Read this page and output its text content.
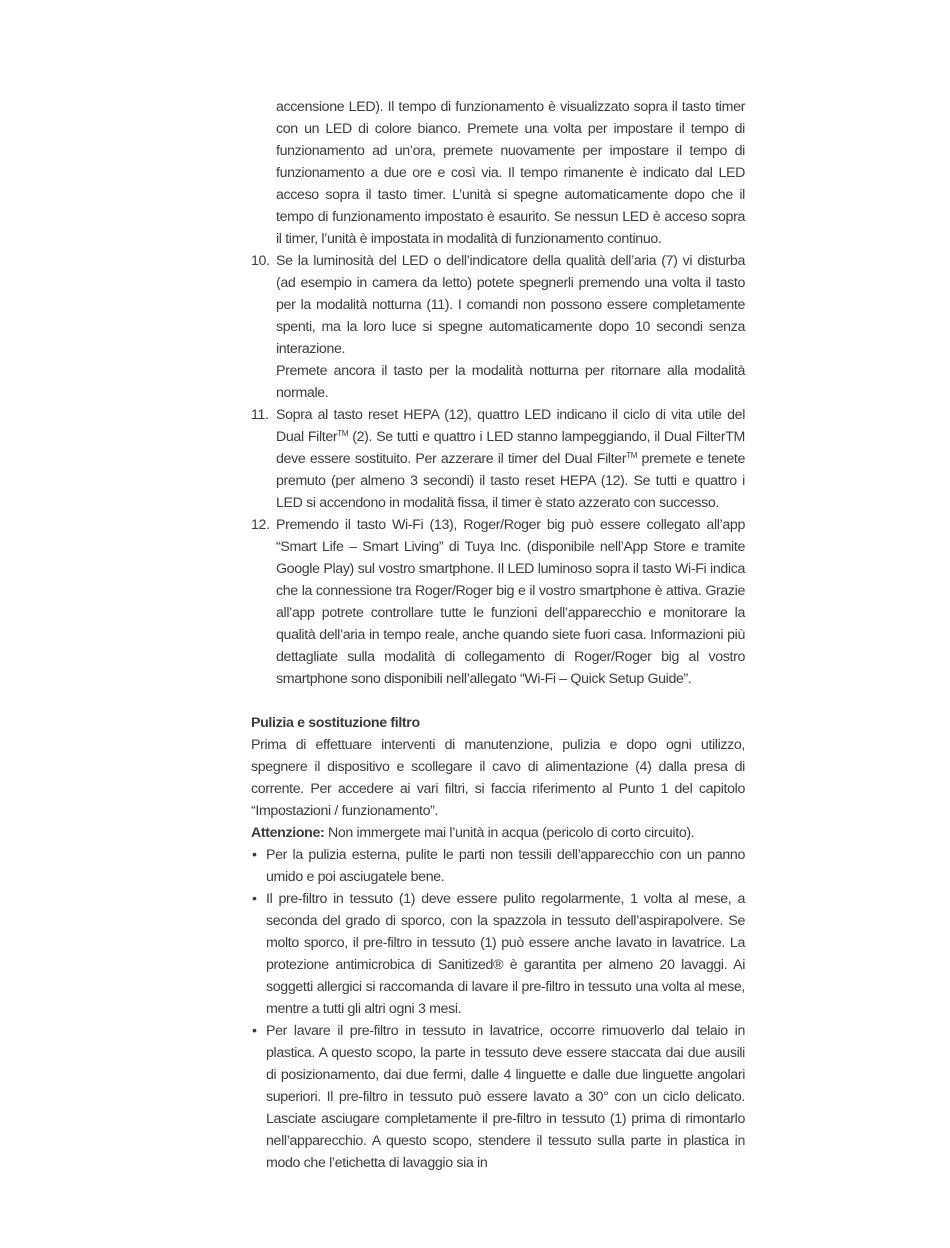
accensione LED). Il tempo di funzionamento è visualizzato sopra il tasto timer con un LED di colore bianco. Premete una volta per impostare il tempo di funzionamento ad un’ora, premete nuovamente per impostare il tempo di funzionamento a due ore e così via. Il tempo rimanente è indicato dal LED acceso sopra il tasto timer. L’unità si spegne automaticamente dopo che il tempo di funzionamento impostato è esaurito. Se nessun LED è acceso sopra il timer, l’unità è impostata in modalità di funzionamento continuo.

10. Se la luminosità del LED o dell’indicatore della qualità dell’aria (7) vi disturba (ad esempio in camera da letto) potete spegnerli premendo una volta il tasto per la modalità notturna (11). I comandi non possono essere completamente spenti, ma la loro luce si spegne automaticamente dopo 10 secondi senza interazione.

Premete ancora il tasto per la modalità notturna per ritornare alla modalità normale.

11. Sopra al tasto reset HEPA (12), quattro LED indicano il ciclo di vita utile del Dual Filter™ (2). Se tutti e quattro i LED stanno lampeggiando, il Dual FilterTM deve essere sostituito. Per azzerare il timer del Dual Filter™ premete e tenete premuto (per almeno 3 secondi) il tasto reset HEPA (12). Se tutti e quattro i LED si accendono in modalità fissa, il timer è stato azzerato con successo.

12. Premendo il tasto Wi-Fi (13), Roger/Roger big può essere collegato all’app “Smart Life – Smart Living” di Tuya Inc. (disponibile nell’App Store e tramite Google Play) sul vostro smartphone. Il LED luminoso sopra il tasto Wi-Fi indica che la connessione tra Roger/Roger big e il vostro smartphone è attiva. Grazie all’app potrete controllare tutte le funzioni dell’apparecchio e monitorare la qualità dell’aria in tempo reale, anche quando siete fuori casa. Informazioni più dettagliate sulla modalità di collegamento di Roger/Roger big al vostro smartphone sono disponibili nell’allegato “Wi-Fi – Quick Setup Guide”.

Pulizia e sostituzione filtro

Prima di effettuare interventi di manutenzione, pulizia e dopo ogni utilizzo, spegnere il dispositivo e scollegare il cavo di alimentazione (4) dalla presa di corrente. Per accedere ai vari filtri, si faccia riferimento al Punto 1 del capitolo “Impostazioni / funzionamento”.

Attenzione: Non immergete mai l’unità in acqua (pericolo di corto circuito).

• Per la pulizia esterna, pulite le parti non tessili dell’apparecchio con un panno umido e poi asciugatele bene.

• Il pre-filtro in tessuto (1) deve essere pulito regolarmente, 1 volta al mese, a seconda del grado di sporco, con la spazzola in tessuto dell’aspirapolvere. Se molto sporco, il pre-filtro in tessuto (1) può essere anche lavato in lavatrice. La protezione antimicrobica di Sanitized® è garantita per almeno 20 lavaggi. Ai soggetti allergici si raccomanda di lavare il pre-filtro in tessuto una volta al mese, mentre a tutti gli altri ogni 3 mesi.

• Per lavare il pre-filtro in tessuto in lavatrice, occorre rimuoverlo dal telaio in plastica. A questo scopo, la parte in tessuto deve essere staccata dai due ausili di posizionamento, dai due fermi, dalle 4 linguette e dalle due linguette angolari superiori. Il pre-filtro in tessuto può essere lavato a 30° con un ciclo delicato. Lasciate asciugare completamente il pre-filtro in tessuto (1) prima di rimontarlo nell’apparecchio. A questo scopo, stendere il tessuto sulla parte in plastica in modo che l’etichetta di lavaggio sia in
